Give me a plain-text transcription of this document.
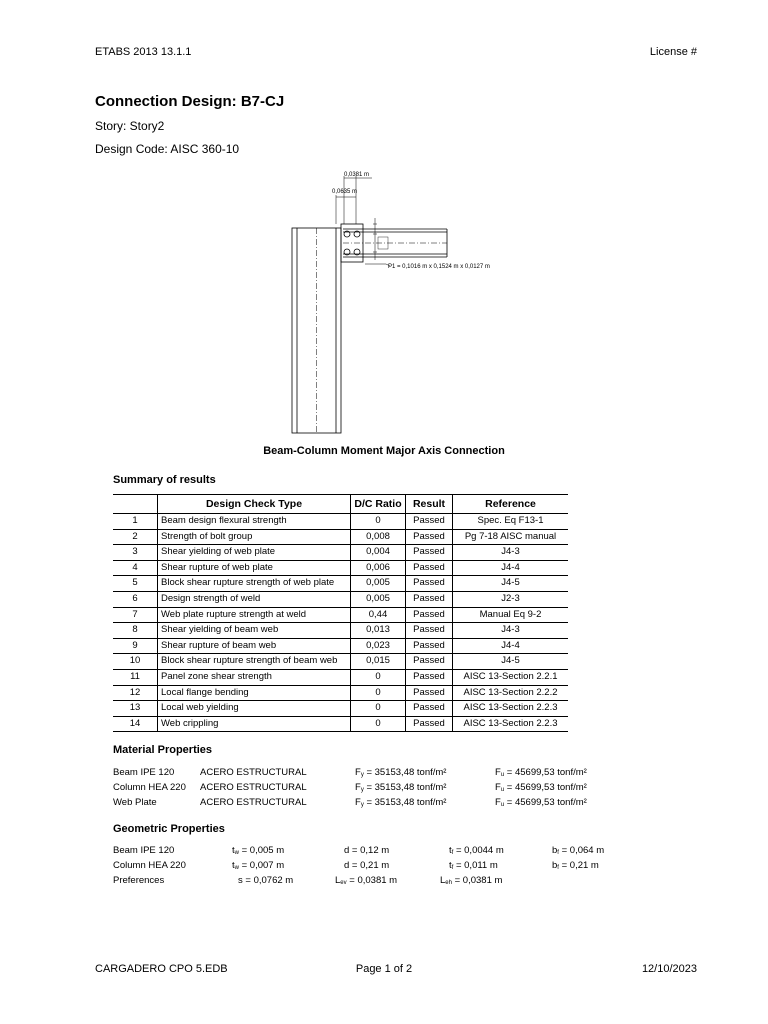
ETABS 2013 13.1.1	License #
Connection Design: B7-CJ
Story: Story2
Design Code: AISC 360-10
0,0381 m
0,0635 m
P1 = 0,1016 m x 0,1524 m x 0,0127 m
Beam-Column Moment Major Axis Connection
Summary of results
	Design Check Type	D/C Ratio	Result	Reference
1	Beam design flexural strength	0	Passed	Spec. Eq F13-1
2	Strength of bolt group	0,008	Passed	Pg 7-18 AISC manual
3	Shear yielding of web plate	0,004	Passed	J4-3
4	Shear rupture of web plate	0,006	Passed	J4-4
5	Block shear rupture strength of web plate	0,005	Passed	J4-5
6	Design strength of weld	0,005	Passed	J2-3
7	Web plate rupture strength at weld	0,44	Passed	Manual Eq 9-2
8	Shear yielding of beam web	0,013	Passed	J4-3
9	Shear rupture of beam web	0,023	Passed	J4-4
10	Block shear rupture strength of beam web	0,015	Passed	J4-5
11	Panel zone shear strength	0	Passed	AISC 13-Section 2.2.1
12	Local flange bending	0	Passed	AISC 13-Section 2.2.2
13	Local web yielding	0	Passed	AISC 13-Section 2.2.3
14	Web crippling	0	Passed	AISC 13-Section 2.2.3
Material Properties
Beam IPE 120	ACERO ESTRUCTURAL	$F_y = 35153,48$ tonf/m²	$F_u = 45699,53$ tonf/m²
Column HEA 220 ACERO ESTRUCTURAL	$F_y = 35153,48$ tonf/m²	$F_u = 45699,53$ tonf/m²
Web Plate	ACERO ESTRUCTURAL	$F_y = 35153,48$ tonf/m²	$F_u = 45699,53$ tonf/m²
Geometric Properties
Beam IPE 120	$t_w = 0,005$ m	d = 0,12 m	$t_f = 0,0044$ m	$b_f = 0,064$ m
Column HEA 220	$t_w = 0,007$ m	d = 0,21 m	$t_f = 0,011$ m	$b_f = 0,21$ m
Preferences	s = 0,0762 m	$L_{ev} = 0,0381$ m	$L_{eh} = 0,0381$ m
CARGADERO CPO 5.EDB	Page 1 of 2	12/10/2023
